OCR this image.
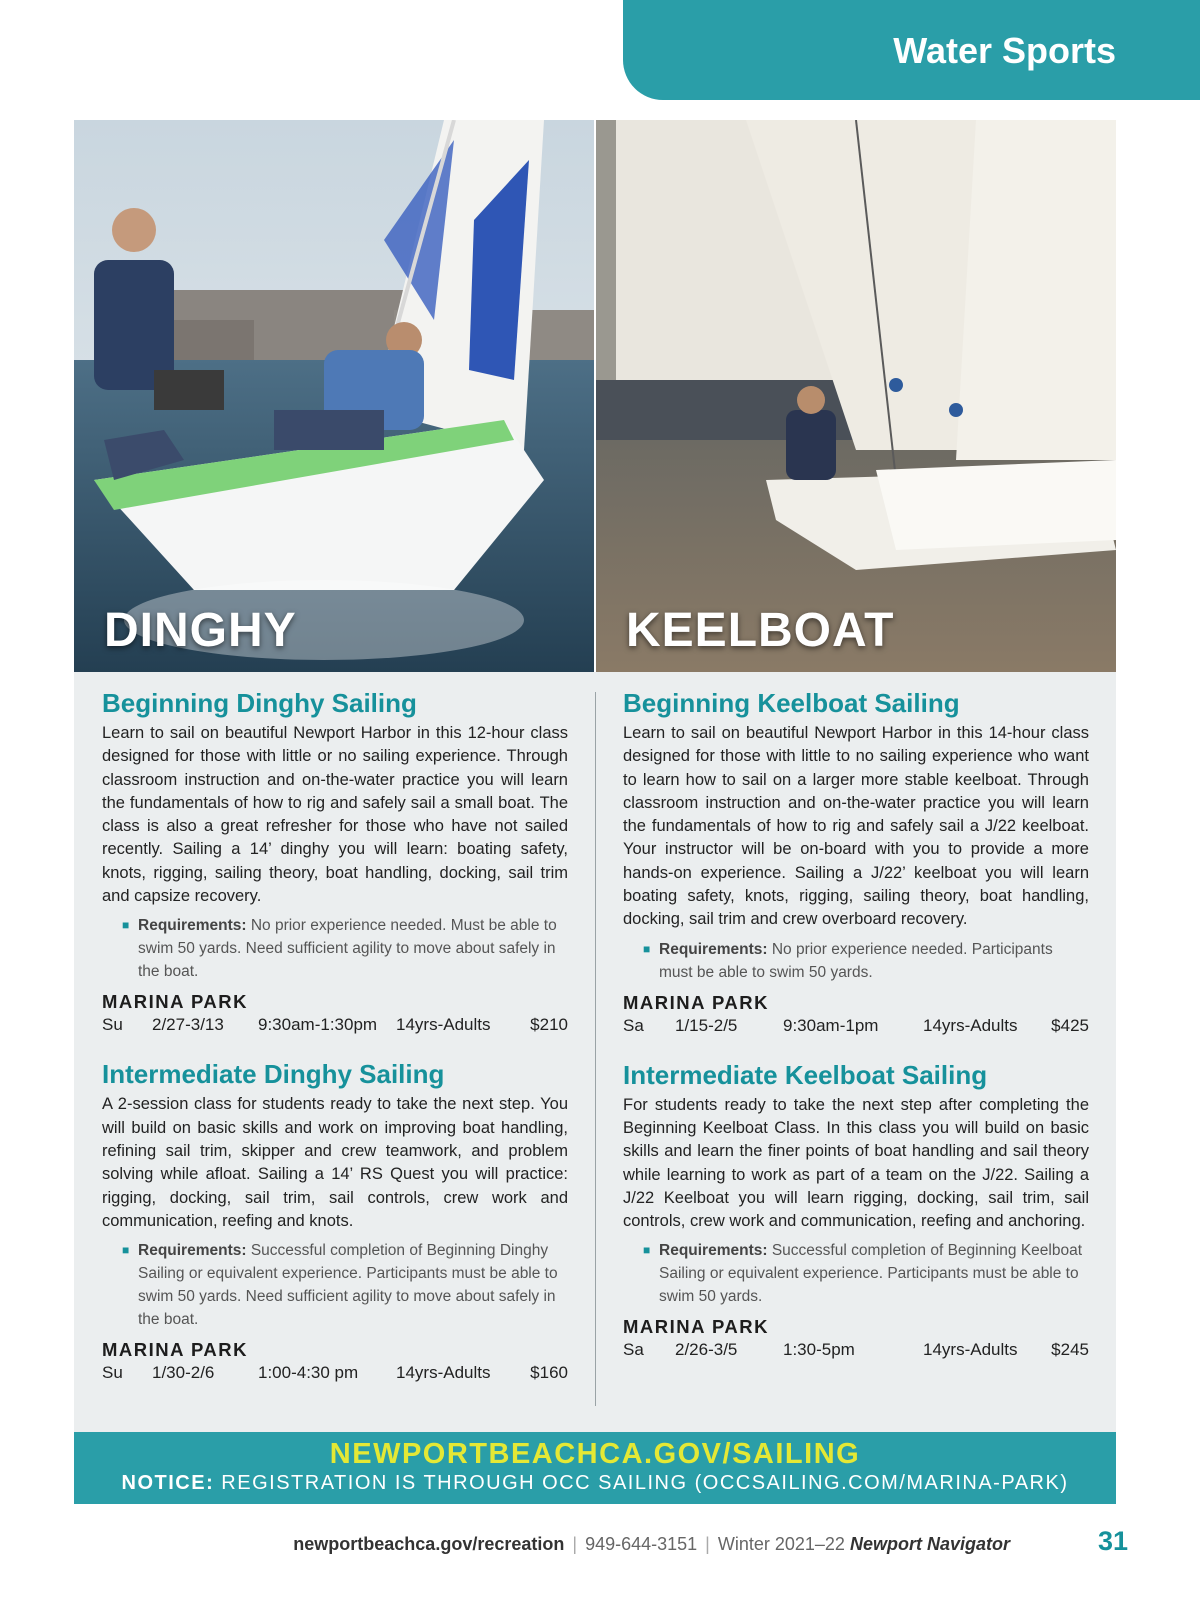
Water Sports
DINGHY	KEELBOAT
Beginning Dinghy Sailing

Learn to sail on beautiful Newport Harbor in this 12-hour class designed for those with little or no sailing experience. Through classroom instruction and on-the-water practice you will learn the fundamentals of how to rig and safely sail a small boat. The class is also a great refresher for those who have not sailed recently. Sailing a 14’ dinghy you will learn: boating safety, knots, rigging, sailing theory, boat handling, docking, sail trim and capsize recovery.

■ Requirements: No prior experience needed. Must be able to swim 50 yards. Need sufficient agility to move about safely in the boat.
MARINA PARK
Su	2/27-3/13	9:30am-1:30pm	14yrs-Adults	$210
Intermediate Dinghy Sailing

A 2-session class for students ready to take the next step. You will build on basic skills and work on improving boat handling, refining sail trim, skipper and crew teamwork, and problem solving while afloat. Sailing a 14’ RS Quest you will practice: rigging, docking, sail trim, sail controls, crew work and communication, reefing and knots.

■ Requirements: Successful completion of Beginning Dinghy Sailing or equivalent experience. Participants must be able to swim 50 yards. Need sufficient agility to move about safely in the boat.
MARINA PARK
Su	1/30-2/6	1:00-4:30 pm	14yrs-Adults	$160
Beginning Keelboat Sailing

Learn to sail on beautiful Newport Harbor in this 14-hour class designed for those with little to no sailing experience who want to learn how to sail on a larger more stable keelboat. Through classroom instruction and on-the-water practice you will learn the fundamentals of how to rig and safely sail a J/22 keelboat. Your instructor will be on-board with you to provide a more hands-on experience. Sailing a J/22’ keelboat you will learn boating safety, knots, rigging, sailing theory, boat handling, docking, sail trim and crew overboard recovery.

■ Requirements: No prior experience needed. Participants must be able to swim 50 yards.
MARINA PARK
Sa	1/15-2/5	9:30am-1pm	14yrs-Adults	$425
Intermediate Keelboat Sailing

For students ready to take the next step after completing the Beginning Keelboat Class. In this class you will build on basic skills and learn the finer points of boat handling and sail theory while learning to work as part of a team on the J/22. Sailing a J/22 Keelboat you will learn rigging, docking, sail trim, sail controls, crew work and communication, reefing and anchoring.

■ Requirements: Successful completion of Beginning Keelboat Sailing or equivalent experience. Participants must be able to swim 50 yards.
MARINA PARK
Sa	2/26-3/5	1:30-5pm	14yrs-Adults	$245
NEWPORTBEACHCA.GOV/SAILING
NOTICE: REGISTRATION IS THROUGH OCC SAILING (OCCSAILING.COM/MARINA-PARK)
newportbeachca.gov/recreation | 949-644-3151 | Winter 2021–22 Newport Navigator	31
